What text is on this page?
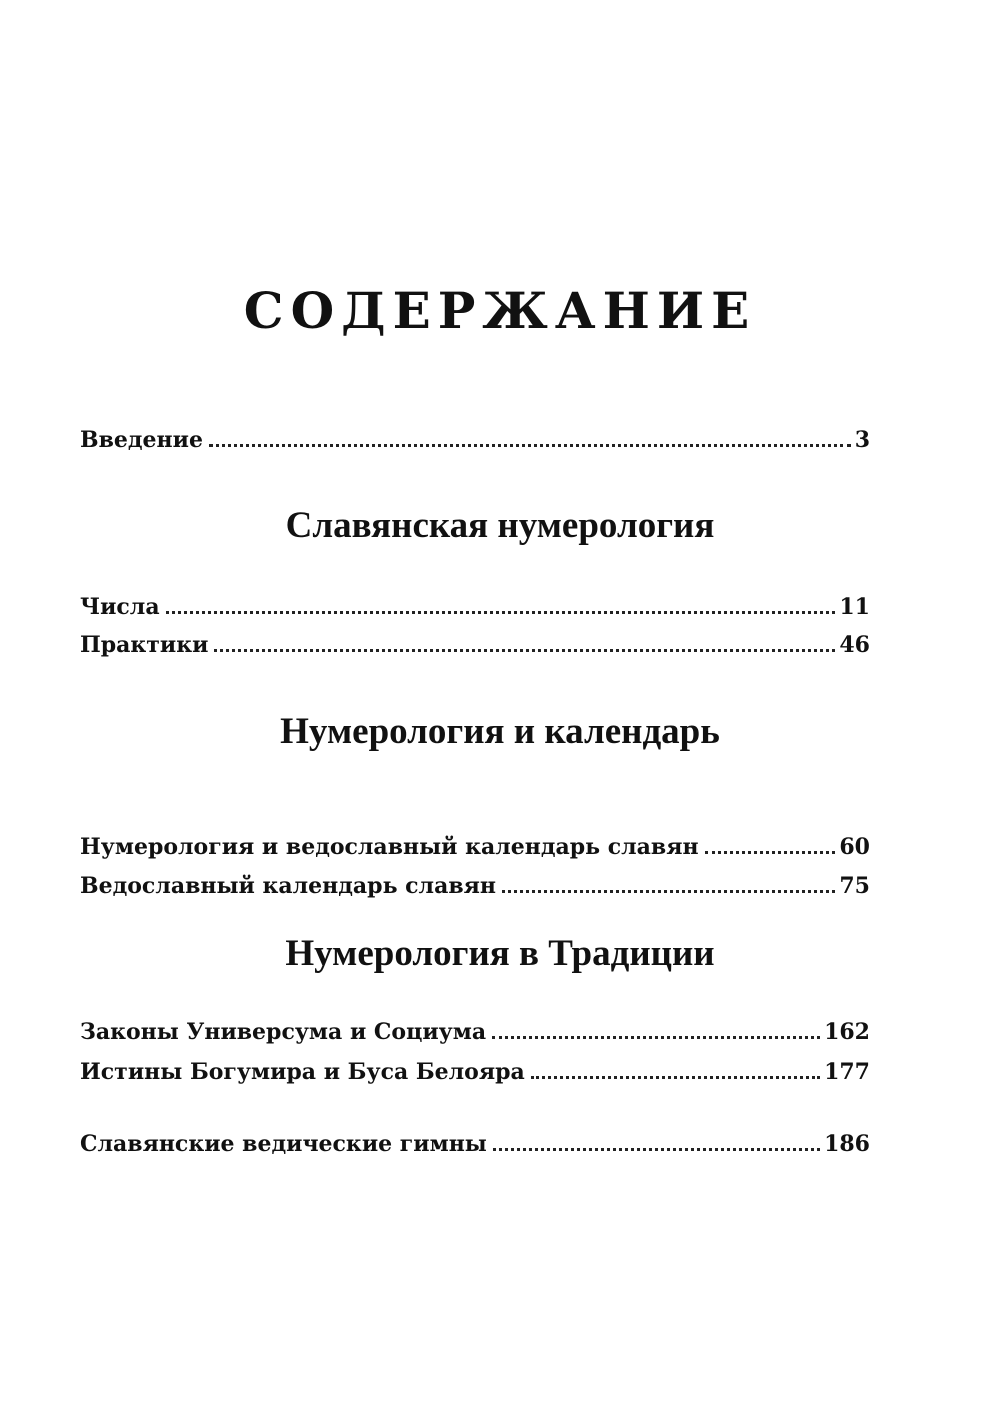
СОДЕРЖАНИЕ
Введение	3
Славянская нумерология
Числа	11
Практики	46
Нумерология и календарь
Нумерология и ведославный календарь славян	60
Ведославный календарь славян	75
Нумерология в Традиции
Законы Универсума и Социума	162
Истины Богумира и Буса Белояра	177
Славянские ведические гимны	186
